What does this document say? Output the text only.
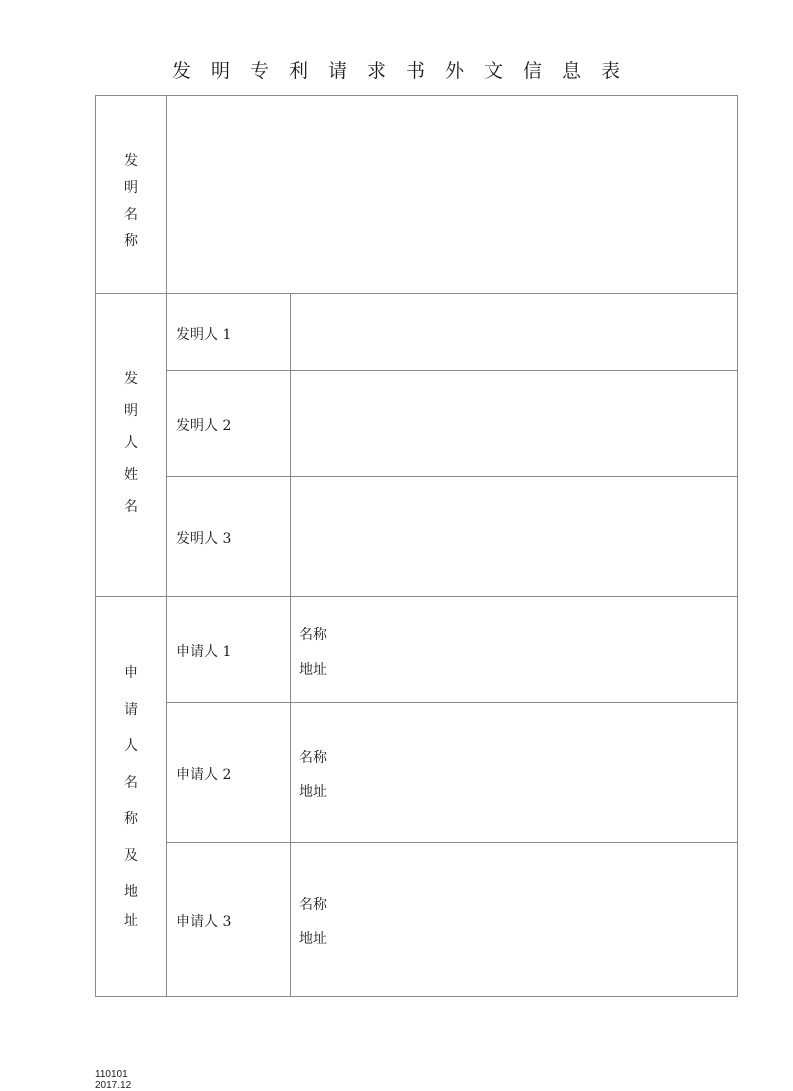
发明专利请求书外文信息表
发
明
名
称
发
明
人
姓
名
发明人 1
发明人 2
发明人 3
申
请
人
名
称
及
地
址
申请人 1
名称
地址
申请人 2
名称
地址
申请人 3
名称
地址
110101
2017.12
